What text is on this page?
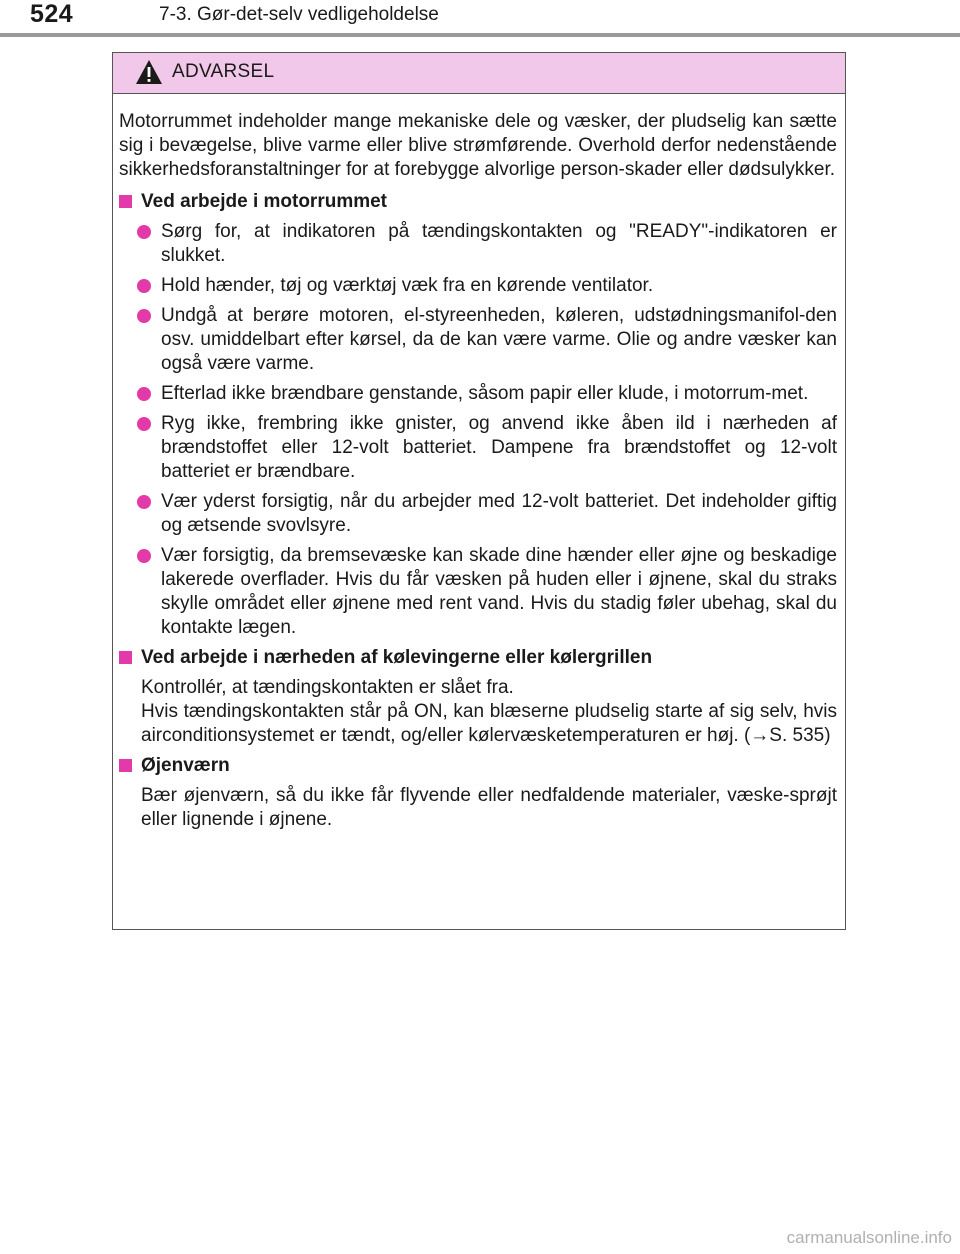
524	7-3. Gør-det-selv vedligeholdelse
ADVARSEL

Motorrummet indeholder mange mekaniske dele og væsker, der pludselig kan sætte sig i bevægelse, blive varme eller blive strømførende. Overhold derfor nedenstående sikkerhedsforanstaltninger for at forebygge alvorlige person-skader eller dødsulykker.

Ved arbejde i motorrummet
Sørg for, at indikatoren på tændingskontakten og "READY"-indikatoren er slukket.
Hold hænder, tøj og værktøj væk fra en kørende ventilator.
Undgå at berøre motoren, el-styreenheden, køleren, udstødningsmanifol-den osv. umiddelbart efter kørsel, da de kan være varme. Olie og andre væsker kan også være varme.
Efterlad ikke brændbare genstande, såsom papir eller klude, i motorrum-met.
Ryg ikke, frembring ikke gnister, og anvend ikke åben ild i nærheden af brændstoffet eller 12-volt batteriet. Dampene fra brændstoffet og 12-volt batteriet er brændbare.
Vær yderst forsigtig, når du arbejder med 12-volt batteriet. Det indeholder giftig og ætsende svovlsyre.
Vær forsigtig, da bremsevæske kan skade dine hænder eller øjne og beskadige lakerede overflader. Hvis du får væsken på huden eller i øjnene, skal du straks skylle området eller øjnene med rent vand. Hvis du stadig føler ubehag, skal du kontakte lægen.
Ved arbejde i nærheden af kølevingerne eller kølergrillen

Kontrollér, at tændingskontakten er slået fra.

Hvis tændingskontakten står på ON, kan blæserne pludselig starte af sig selv, hvis airconditionsystemet er tændt, og/eller kølervæsketemperaturen er høj. (→S. 535)

Øjenværn

Bær øjenværn, så du ikke får flyvende eller nedfaldende materialer, væske-sprøjt eller lignende i øjnene.

carmanualsonline.info
